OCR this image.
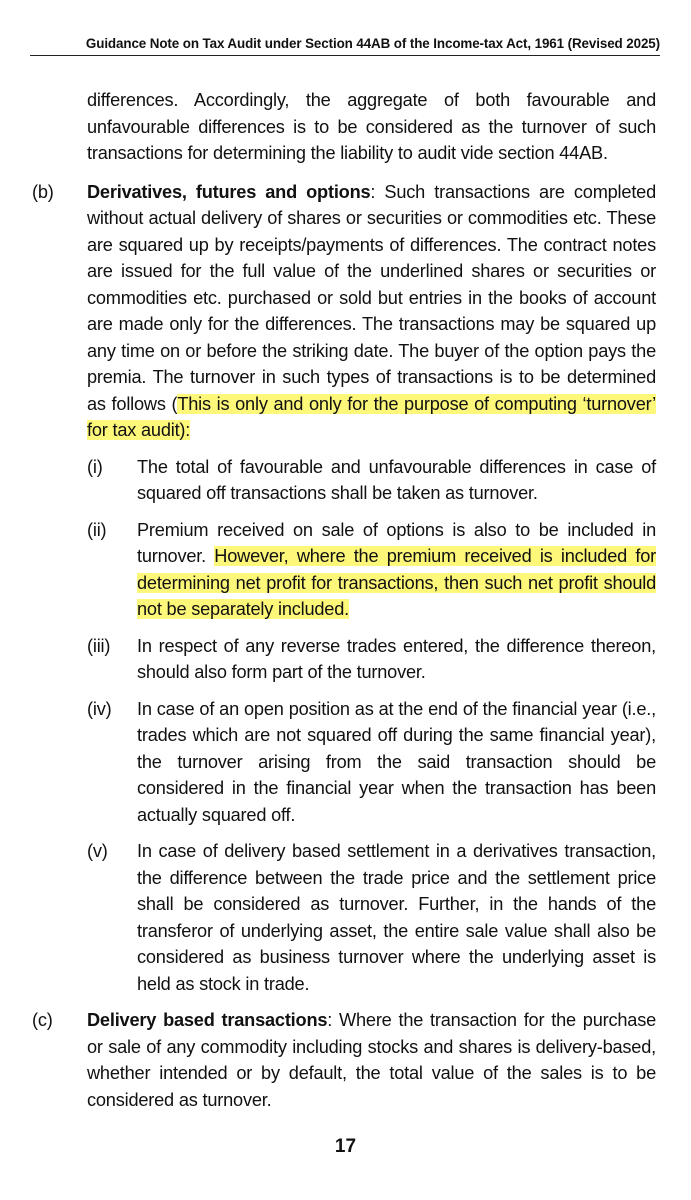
Guidance Note on Tax Audit under Section 44AB of the Income-tax Act, 1961 (Revised 2025)
differences. Accordingly, the aggregate of both favourable and unfavourable differences is to be considered as the turnover of such transactions for determining the liability to audit vide section 44AB.
(b)	Derivatives, futures and options: Such transactions are completed without actual delivery of shares or securities or commodities etc. These are squared up by receipts/payments of differences. The contract notes are issued for the full value of the underlined shares or securities or commodities etc. purchased or sold but entries in the books of account are made only for the differences. The transactions may be squared up any time on or before the striking date. The buyer of the option pays the premia. The turnover in such types of transactions is to be determined as follows (This is only and only for the purpose of computing ‘turnover’ for tax audit):
(i)	The total of favourable and unfavourable differences in case of squared off transactions shall be taken as turnover.
(ii)	Premium received on sale of options is also to be included in turnover. However, where the premium received is included for determining net profit for transactions, then such net profit should not be separately included.
(iii)	In respect of any reverse trades entered, the difference thereon, should also form part of the turnover.
(iv)	In case of an open position as at the end of the financial year (i.e., trades which are not squared off during the same financial year), the turnover arising from the said transaction should be considered in the financial year when the transaction has been actually squared off.
(v)	In case of delivery based settlement in a derivatives transaction, the difference between the trade price and the settlement price shall be considered as turnover. Further, in the hands of the transferor of underlying asset, the entire sale value shall also be considered as business turnover where the underlying asset is held as stock in trade.
(c)	Delivery based transactions: Where the transaction for the purchase or sale of any commodity including stocks and shares is delivery-based, whether intended or by default, the total value of the sales is to be considered as turnover.
17
